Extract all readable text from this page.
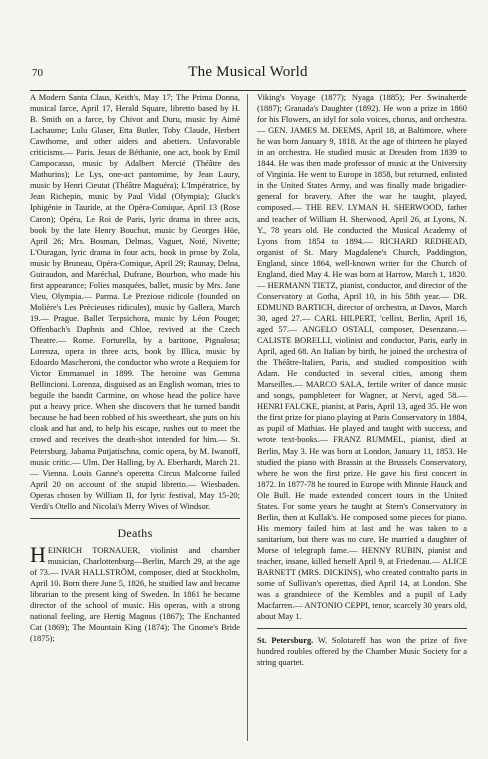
70	The Musical World

A Modern Santa Claus, Keith's, May 17; The Prima Donna, musical farce, April 17, Herald Square, libretto based by H. B. Smith on a farce, by Chivot and Duru, music by Aimé Lachaume; Lulu Glaser, Etta Butler, Toby Claude, Herbert Cawthorne, and other aiders and abetters. Unfavorable criticisms.— Paris. Jesus de Béthanie, one act, book by Emil Campocasso, music by Adalbert Mercié (Théâtre des Mathurins); Le Lys, one-act pantomime, by Jean Laury, music by Henri Cieutat (Théâtre Maguéra); L'Impératrice, by Jean Richepin, music by Paul Vidal (Olympia); Gluck's Iphigénie in Tauride, at the Opéra-Comique, April 13 (Rose Caron); Opéra, Le Roi de Paris, lyric drama in three acts, book by the late Henry Bouchut, music by Georges Hüe, April 26; Mrs. Bosman, Delmas, Vaguet, Noté, Nivette; L'Ouragan, lyric drama in four acts, book in prose by Zola, music by Bruneau, Opéra-Comique, April 29; Raunay, Delna, Guiraudon, and Maréchal, Dufrane, Bourbon, who made his first appearance; Folies masquées, ballet, music by Mrs. Jane Vieu, Olympia.— Parma. Le Preziose ridicole (founded on Molière's Les Précieuses ridicules), music by Gallera, March 19.— Prague. Ballet Terpsichora, music by Léon Pouget; Offenbach's Daphnis and Chloe, revived at the Czech Theatre.— Rome. Forturella, by a baritone, Pignalosa; Lorenza, opera in three acts, book by Illica, music by Edoardo Mascheroni, the conductor who wrote a Requiem for Victor Emmanuel in 1899. The heroine was Gemma Bellincioni. Lorenza, disguised as an English woman, tries to beguile the bandit Carmine, on whose head the police have put a heavy price. When she discovers that he turned bandit because he had been robbed of his sweetheart, she puts on his cloak and hat and, to help his escape, rushes out to meet the crowd and receives the death-shot intended for him.— St. Petersburg. Jabama Putjatischna, comic opera, by M. Iwanoff, music critic.— Ulm. Der Halling, by A. Eberhardt, March 21.— Vienna. Louis Ganne's operetta Circus Malcorne failed April 20 on account of the stupid libretto.— Wiesbaden. Operas chosen by William II, for lyric festival, May 15-20; Verdi's Otello and Nicolai's Merry Wives of Windsor.

Deaths

HEINRICH TORNAUER, violinist and chamber musician, Charlottenburg—Berlin, March 29, at the age of 73.— IVAR HALLSTRÖM, composer, died at Stockholm, April 10. Born there June 5, 1826, he studied law and became librarian to the present king of Sweden. In 1861 he became director of the school of music. His operas, with a strong national feeling, are Hertig Magnus (1867); The Enchanted Cat (1869); The Mountain King (1874); The Gnome's Bride (1875);

Viking's Voyage (1877); Nyaga (1885); Per Swinaherde (1887); Granada's Daughter (1892). He won a prize in 1860 for his Flowers, an idyl for solo voices, chorus, and orchestra.— GEN. JAMES M. DEEMS, April 18, at Baltimore, where he was born January 9, 1818. At the age of thirteen he played in an orchestra. He studied music at Dresden from 1839 to 1844. He was then made professor of music at the University of Virginia. He went to Europe in 1858, but returned, enlisted in the United States Army, and was finally made brigadier-general for bravery. After the war he taught, played, composed.— THE REV. LYMAN H. SHERWOOD, father and teacher of William H. Sherwood, April 26, at Lyons, N. Y., 78 years old. He conducted the Musical Academy of Lyons from 1854 to 1894.— RICHARD REDHEAD, organist of St. Mary Magdalene's Church, Paddington, England, since 1864, well-known writer for the Church of England, died May 4. He was born at Harrow, March 1, 1820.— HERMANN TIETZ, pianist, conductor, and director of the Conservatory at Gotha, April 10, in his 58th year.— DR. EDMUND BARTICH, director of orchestra, at Davos, March 30, aged 27.— CARL HILPERT, 'cellist, Berlin, April 16, aged 57.— ANGELO OSTALI, composer, Desenzano.— CALISTE BORELLI, violinist and conductor, Paris, early in April, aged 68. An Italian by birth, he joined the orchestra of the Théâtre-Italien, Paris, and studied composition with Adam. He conducted in several cities, among them Marseilles.— MARCO SALA, fertile writer of dance music and songs, pamphleteer for Wagner, at Nervi, aged 58.— HENRI FALCKE, pianist, at Paris, April 13, aged 35. He won the first prize for piano playing at Paris Conservatory in 1884, as pupil of Mathias. He played and taught with success, and wrote text-books.— FRANZ RUMMEL, pianist, died at Berlin, May 3. He was born at London, January 11, 1853. He studied the piano with Brassin at the Brussels Conservatory, where he won the first prize. He gave his first concert in 1872. In 1877-78 he toured in Europe with Minnie Hauck and Ole Bull. He made extended concert tours in the United States. For some years he taught at Stern's Conservatory in Berlin, then at Kullak's. He composed some pieces for piano. His memory failed him at last and he was taken to a sanitarium, but there was no cure. He married a daughter of Morse of telegraph fame.— HENNY RUBIN, pianist and teacher, insane, killed herself April 9, at Friedenau.— ALICE BARNETT (MRS. DICKINS), who created contralto parts in some of Sullivan's operettas, died April 14, at London. She was a grandniece of the Kembles and a pupil of Lady Macfarren.— ANTONIO CEPPI, tenor, scarcely 30 years old, about May 1.

St. Petersburg. W. Solotareff has won the prize of five hundred roubles offered by the Chamber Music Society for a string quartet.
